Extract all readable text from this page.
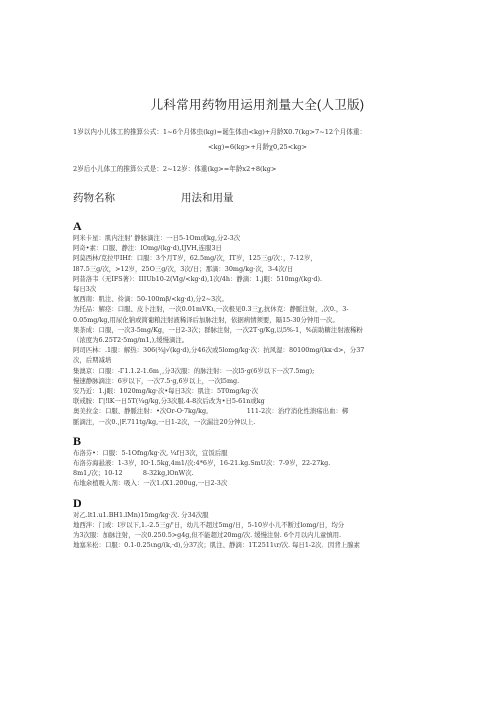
儿科常用药物用运用剂量大全(人卫版)

1岁以内小儿体工的推算公式：1~6个月体虫(kg)=诞生体由<kg)+月龄X0.7(kg>7~12个月体重：

<kg)=6(kg>+月龄χ0,25<kg>

2岁后小儿体工的推算公式是：2~12岁：体重(kg>=年龄x2+8(kg>

药物名称	用法和用量
A

阿米卡星：肌内注射' 静脉滴注：一日5-1Om或kg,分2-3次

阿奇•素：口服、静注：lOmg/(kg·d),IJVH,连服3日

阿莫西林/克拉甲IHf：口服：3个月T岁，62.5mg/次，IT岁，125三g/次：，7-12岁，

I87.5三g/次，>12岁，25O三g/次，3次/日；那滴：30mg/kg·次，3-4次/日

阿昔洛韦（无IFS著）：IIIUb10-2(Ⅵg/<kg·d),1次/4h：静滴：1.j眼：510mg/(kg·d).

每日3次

氨西南：肌注、伶滴：50-100mβ/<kg·d),分2~3次。

为托品：解痉：口服、皮卜注射，一次0.01mVKι,一次极见0.3三χ,抗休克：静脈注射，,次0.，3-

0.05mg/kg,用尿化钠或简葡粮注射液稀泽后加脉注射，依据病情须要，隔15-30分钟用一次。

果茶成：口服，一次3-5mg/Kg，一日2-3次；群脉注射，一次2T·g/Kg,以5%-1，%前助糖注射液稀粉

（浓度为6.25T2·5mg/m1,),缓慢滴注。

阿司匹林：.1服：解热：306(¾j√(kg·d),分46次或5lomg/kg·次：抗风湿：80100mg/(kκ·d>，分37

次，后期减培

集澳京：口服：-Γ1.1.2-1.6m¸,分3次服：的脉注射：一次l5·g(6岁以下一次7.5mg);

慢速静脉滴注：6岁以下，一次7.5·g,6岁以上，一次l5mg.

安乃近：1.j眼：1020mg/kg·次•每日3次：肌注：5T0mg/kg·次

联戒胺：Γ|!lK一日5T(¼g/kg,分3次服.4-8次后改为•日5-61n或kg

奥美拉金：口服、静脈注射：•次Or-O·7kg/kg,                   111-2次：治疗消化性溃疡出血：梆

脈滴注，一次0.,|F.711tg/kg,一日1-2次，一次漏注20分钟以上.

B

布洛芬•：口服：5-1Ofng/kg·次, ¼f日3次，宜饭后服

布洛芬海悬液：1-3岁，IO·1.5kg,4m1/次:4*6岁，16-21.kg.SmU次：7-9岁，22-27kg.

8m1,/次；10-12          8-32kg,lOnW次.

布地余植吸入剂：吸入：一次1.(X1.200ug,一日2-3次

D

对乙.lt1.u1.BH1.lMn)15mg/kg·次. 分34次服

地西泮：门或：l岁以下,1.-2.5三g/'日，幼儿不超过5mg/日，5-10岁小儿不断过lomg/日，均分

为3次服：加脉注射，一次0.250.5>g4g,但不能超过20mg/次. 缓慢注射. 6个月以内儿童慎用.

地塞米松：口服：0.1-0.25ιng/(k,·d),分37次；肌注、静滴：1T.2511ιr/次. 每日1-2次．因背上腺素
